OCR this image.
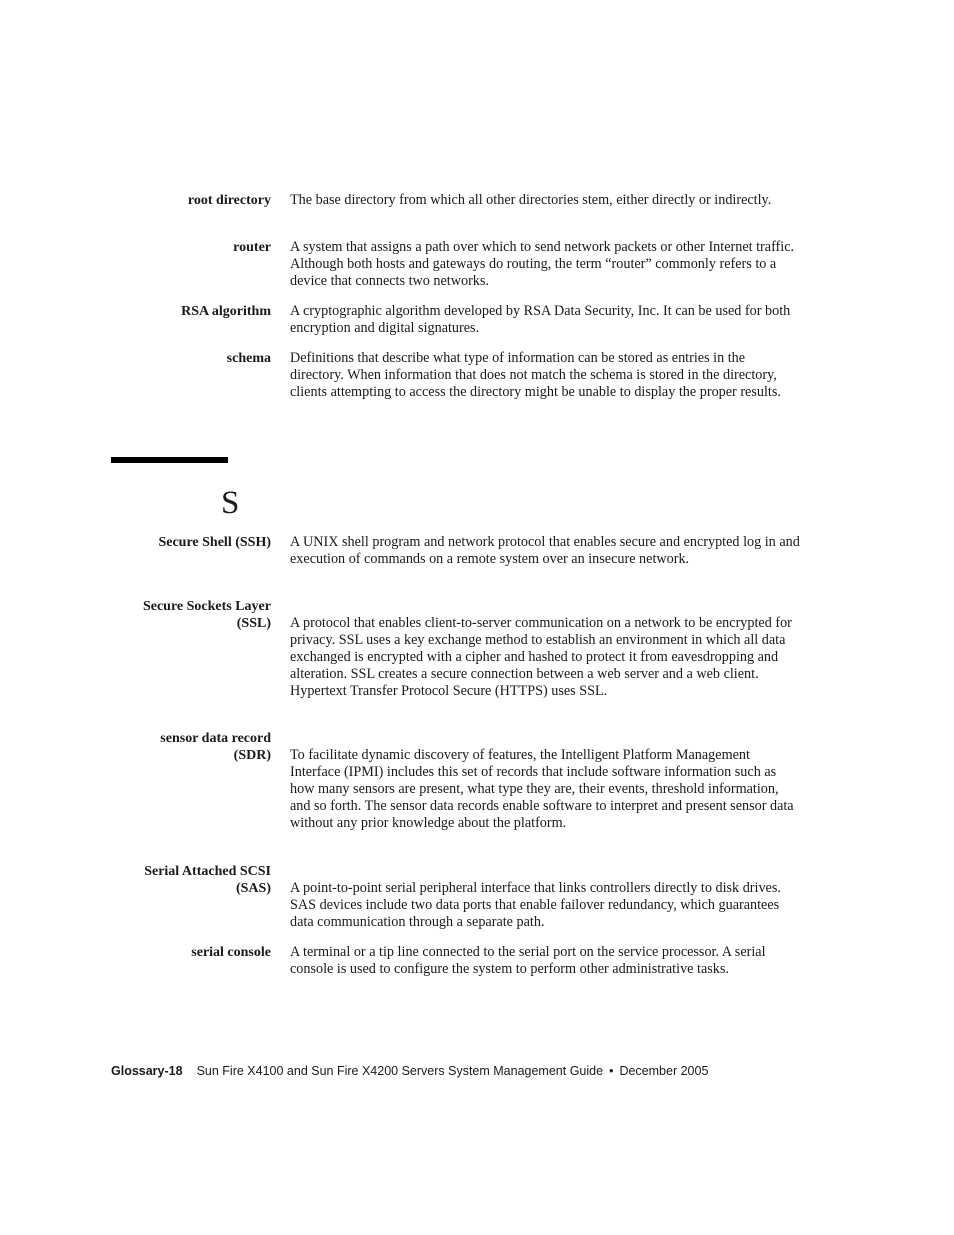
root directory The base directory from which all other directories stem, either directly or indirectly.
router A system that assigns a path over which to send network packets or other Internet traffic. Although both hosts and gateways do routing, the term “router” commonly refers to a device that connects two networks.
RSA algorithm A cryptographic algorithm developed by RSA Data Security, Inc. It can be used for both encryption and digital signatures.
schema Definitions that describe what type of information can be stored as entries in the directory. When information that does not match the schema is stored in the directory, clients attempting to access the directory might be unable to display the proper results.
S
Secure Shell (SSH) A UNIX shell program and network protocol that enables secure and encrypted log in and execution of commands on a remote system over an insecure network.
Secure Sockets Layer
(SSL) A protocol that enables client-to-server communication on a network to be encrypted for privacy. SSL uses a key exchange method to establish an environment in which all data exchanged is encrypted with a cipher and hashed to protect it from eavesdropping and alteration. SSL creates a secure connection between a web server and a web client. Hypertext Transfer Protocol Secure (HTTPS) uses SSL.
sensor data record
(SDR) To facilitate dynamic discovery of features, the Intelligent Platform Management Interface (IPMI) includes this set of records that include software information such as how many sensors are present, what type they are, their events, threshold information, and so forth. The sensor data records enable software to interpret and present sensor data without any prior knowledge about the platform.
Serial Attached SCSI
(SAS) A point-to-point serial peripheral interface that links controllers directly to disk drives. SAS devices include two data ports that enable failover redundancy, which guarantees data communication through a separate path.
serial console A terminal or a tip line connected to the serial port on the service processor. A serial console is used to configure the system to perform other administrative tasks.
Glossary-18 Sun Fire X4100 and Sun Fire X4200 Servers System Management Guide • December 2005
